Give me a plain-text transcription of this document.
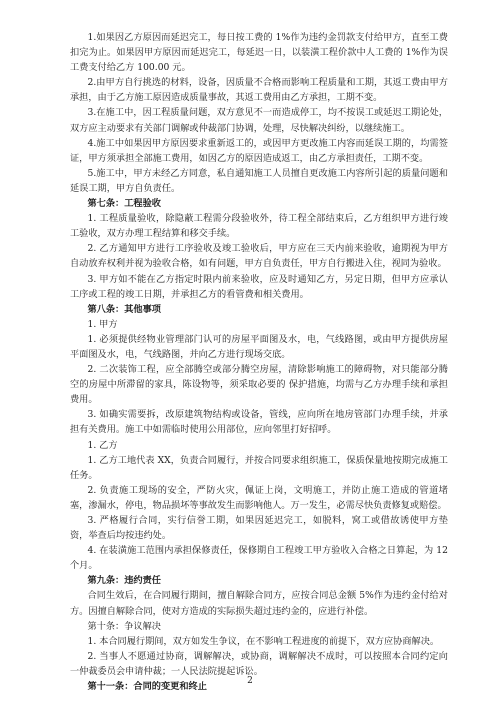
1.如果因乙方原因而延迟完工，每日按工费的 1%作为违约金罚款支付给甲方，直至工费扣完为止。如果因甲方原因而延迟完工，每延迟一日，以装潢工程价款中人工费的 1%作为误工费支付给乙方 100.00 元。

2.由甲方自行挑选的材料，设备，因质量不合格而影响工程质量和工期，其返工费由甲方承担，由于乙方施工原因造成质量事故，其返工费用由乙方承担，工期不变。

3.在施工中，因工程质量问题，双方意见不一而造成停工，均不按误工或延迟工期论处，双方应主动要求有关部门调解或仲裁部门协调，处理，尽快解决纠纷，以继续施工。

4.施工中如果因甲方原因要求重新返工的，或因甲方更改施工内容而延误工期的，均需签证，甲方须承担全部施工费用，如因乙方的原因造成返工，由乙方承担责任，工期不变。

5.施工中，甲方未经乙方同意，私自通知施工人员擅自更改施工内容所引起的质量问题和延误工期，甲方自负责任。

第七条：工程验收

1. 工程质量验收，除隐蔽工程需分段验收外，待工程全部结束后，乙方组织甲方进行竣工验收，双方办理工程结算和移交手续。

2. 乙方通知甲方进行工序验收及竣工验收后，甲方应在三天内前来验收，逾期视为甲方自动放弃权利并视为验收合格，如有问题，甲方自负责任，甲方自行搬进入住，视同为验收。

3. 甲方如不能在乙方指定时限内前来验收，应及时通知乙方，另定日期，但甲方应承认工序或工程的竣工日期，并承担乙方的看管费和相关费用。

第八条：其他事项

1. 甲方

1. 必须提供经物业管理部门认可的房屋平面图及水，电，气线路图，或由甲方提供房屋平面图及水，电，气线路图，并向乙方进行现场交底。

2. 二次装饰工程，应全部腾空或部分腾空房屋，清除影响施工的障碍物，对只能部分腾空的房屋中所滞留的家具，陈设物等，须采取必要的 保护措施，均需与乙方办理手续和承担费用。

3. 如确实需要拆，改原建筑物结构或设备，管线，应向所在地房管部门办理手续，并承担有关费用。施工中如需临时使用公用部位，应向邻里打好招呼。

1. 乙方

1. 乙方工地代表 XX，负责合同履行，并按合同要求组织施工，保质保量地按期完成施工任务。

2. 负责施工现场的安全，严防火灾，佩证上岗，文明施工，并防止施工造成的管道堵塞，渗漏水，停电，物品损坏等事故发生而影响他人。万一发生，必需尽快负责修复或赔偿。

3. 严格履行合同，实行信誉工期，如果因延迟完工，如脱料，窝工或借故诱使甲方垫资，举查后均按违约处。

4. 在装潢施工范围内承担保修责任，保修期自工程竣工甲方验收入合格之日算起，为 12 个月。

第九条：违约责任

合同生效后，在合同履行期间，擅自解除合同方，应按合同总金额 5%作为违约金付给对方。因擅自解除合同，使对方造成的实际损失超过违约金的，应进行补偿。

第十条：争议解决

1. 本合同履行期间，双方如发生争议，在不影响工程进度的前提下，双方应协商解决。

2. 当事人不愿通过协商，调解解决，或协商，调解解决不成时，可以按照本合同约定向一仲裁委员会申请仲裁；一人民法院提起诉讼。

第十一条：合同的变更和终止

2
